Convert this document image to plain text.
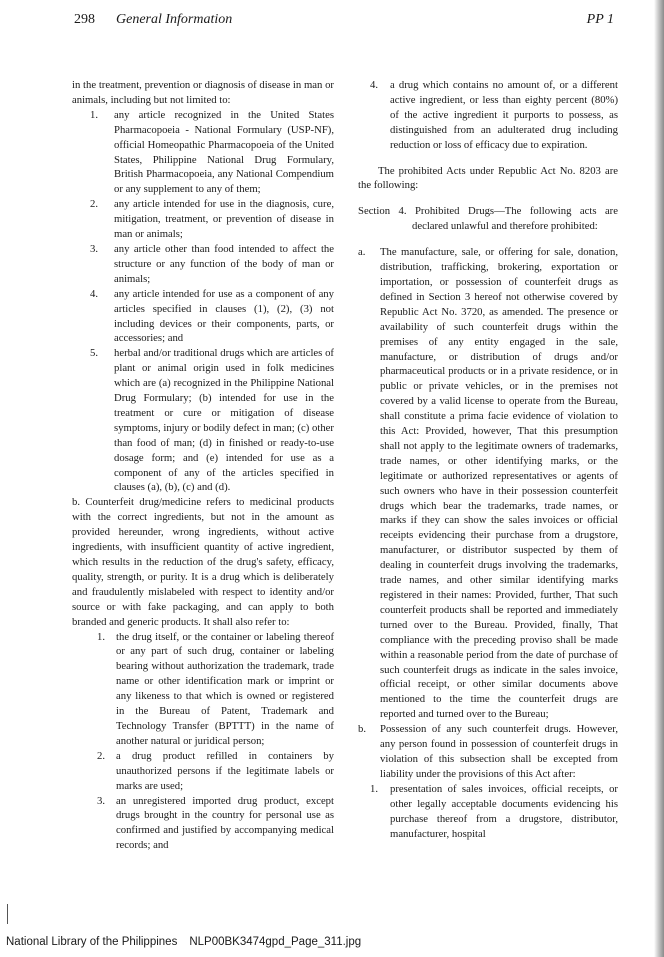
298 General Information	PP 1

in the treatment, prevention or diagnosis of disease in man or animals, including but not limited to:

1. any article recognized in the United States Pharmacopoeia - National Formulary (USP-NF), official Homeopathic Pharmacopoeia of the United States, Philippine National Drug Formulary, British Pharmacopoeia, any National Compendium or any supplement to any of them;
2. any article intended for use in the diagnosis, cure, mitigation, treatment, or prevention of disease in man or animals;
3. any article other than food intended to affect the structure or any function of the body of man or animals;
4. any article intended for use as a component of any articles specified in clauses (1), (2), (3) not including devices or their components, parts, or accessories; and
5. herbal and/or traditional drugs which are articles of plant or animal origin used in folk medicines which are (a) recognized in the Philippine National Drug Formulary; (b) intended for use in the treatment or cure or mitigation of disease symptoms, injury or bodily defect in man; (c) other than food of man; (d) in finished or ready-to-use dosage form; and (e) intended for use as a component of any of the articles specified in clauses (a), (b), (c) and (d).

b. Counterfeit drug/medicine refers to medicinal products with the correct ingredients, but not in the amount as provided hereunder, wrong ingredients, without active ingredients, with insufficient quantity of active ingredient, which results in the reduction of the drug's safety, efficacy, quality, strength, or purity. It is a drug which is deliberately and fraudulently mislabeled with respect to identity and/or source or with fake packaging, and can apply to both branded and generic products. It shall also refer to:

1. the drug itself, or the container or labeling thereof or any part of such drug, container or labeling bearing without authorization the trademark, trade name or other identification mark or imprint or any likeness to that which is owned or registered in the Bureau of Patent, Trademark and Technology Transfer (BPTTT) in the name of another natural or juridical person;
2. a drug product refilled in containers by unauthorized persons if the legitimate labels or marks are used;
3. an unregistered imported drug product, except drugs brought in the country for personal use as confirmed and justified by accompanying medical records; and
4. a drug which contains no amount of, or a different active ingredient, or less than eighty percent (80%) of the active ingredient it purports to possess, as distinguished from an adulterated drug including reduction or loss of efficacy due to expiration.

The prohibited Acts under Republic Act No. 8203 are the following:

Section 4. Prohibited Drugs—The following acts are declared unlawful and therefore prohibited:

a. The manufacture, sale, or offering for sale, donation, distribution, trafficking, brokering, exportation or importation, or possession of counterfeit drugs as defined in Section 3 hereof not otherwise covered by Republic Act No. 3720, as amended. The presence or availability of such counterfeit drugs within the premises of any entity engaged in the sale, manufacture, or distribution of drugs and/or pharmaceutical products or in a private residence, or in public or private vehicles, or in the premises not covered by a valid license to operate from the Bureau, shall constitute a prima facie evidence of violation to this Act: Provided, however, That this presumption shall not apply to the legitimate owners of trademarks, trade names, or other identifying marks, or the legitimate or authorized representatives or agents of such owners who have in their possession counterfeit drugs which bear the trademarks, trade names, or marks if they can show the sales invoices or official receipts evidencing their purchase from a drugstore, manufacturer, or distributor suspected by them of dealing in counterfeit drugs involving the trademarks, trade names, and other similar identifying marks registered in their names: Provided, further, That such counterfeit products shall be reported and immediately turned over to the Bureau. Provided, finally, That compliance with the preceding proviso shall be made within a reasonable period from the date of purchase of such counterfeit drugs as indicate in the sales invoice, official receipt, or other similar documents above mentioned to the time the counterfeit drugs are reported and turned over to the Bureau;
b. Possession of any such counterfeit drugs. However, any person found in possession of counterfeit drugs in violation of this subsection shall be excepted from liability under the provisions of this Act after:
1. presentation of sales invoices, official receipts, or other legally acceptable documents evidencing his purchase thereof from a drugstore, distributor, manufacturer, hospital
National Library of the Philippines NLP00BK3474gpd_Page_311.jpg
